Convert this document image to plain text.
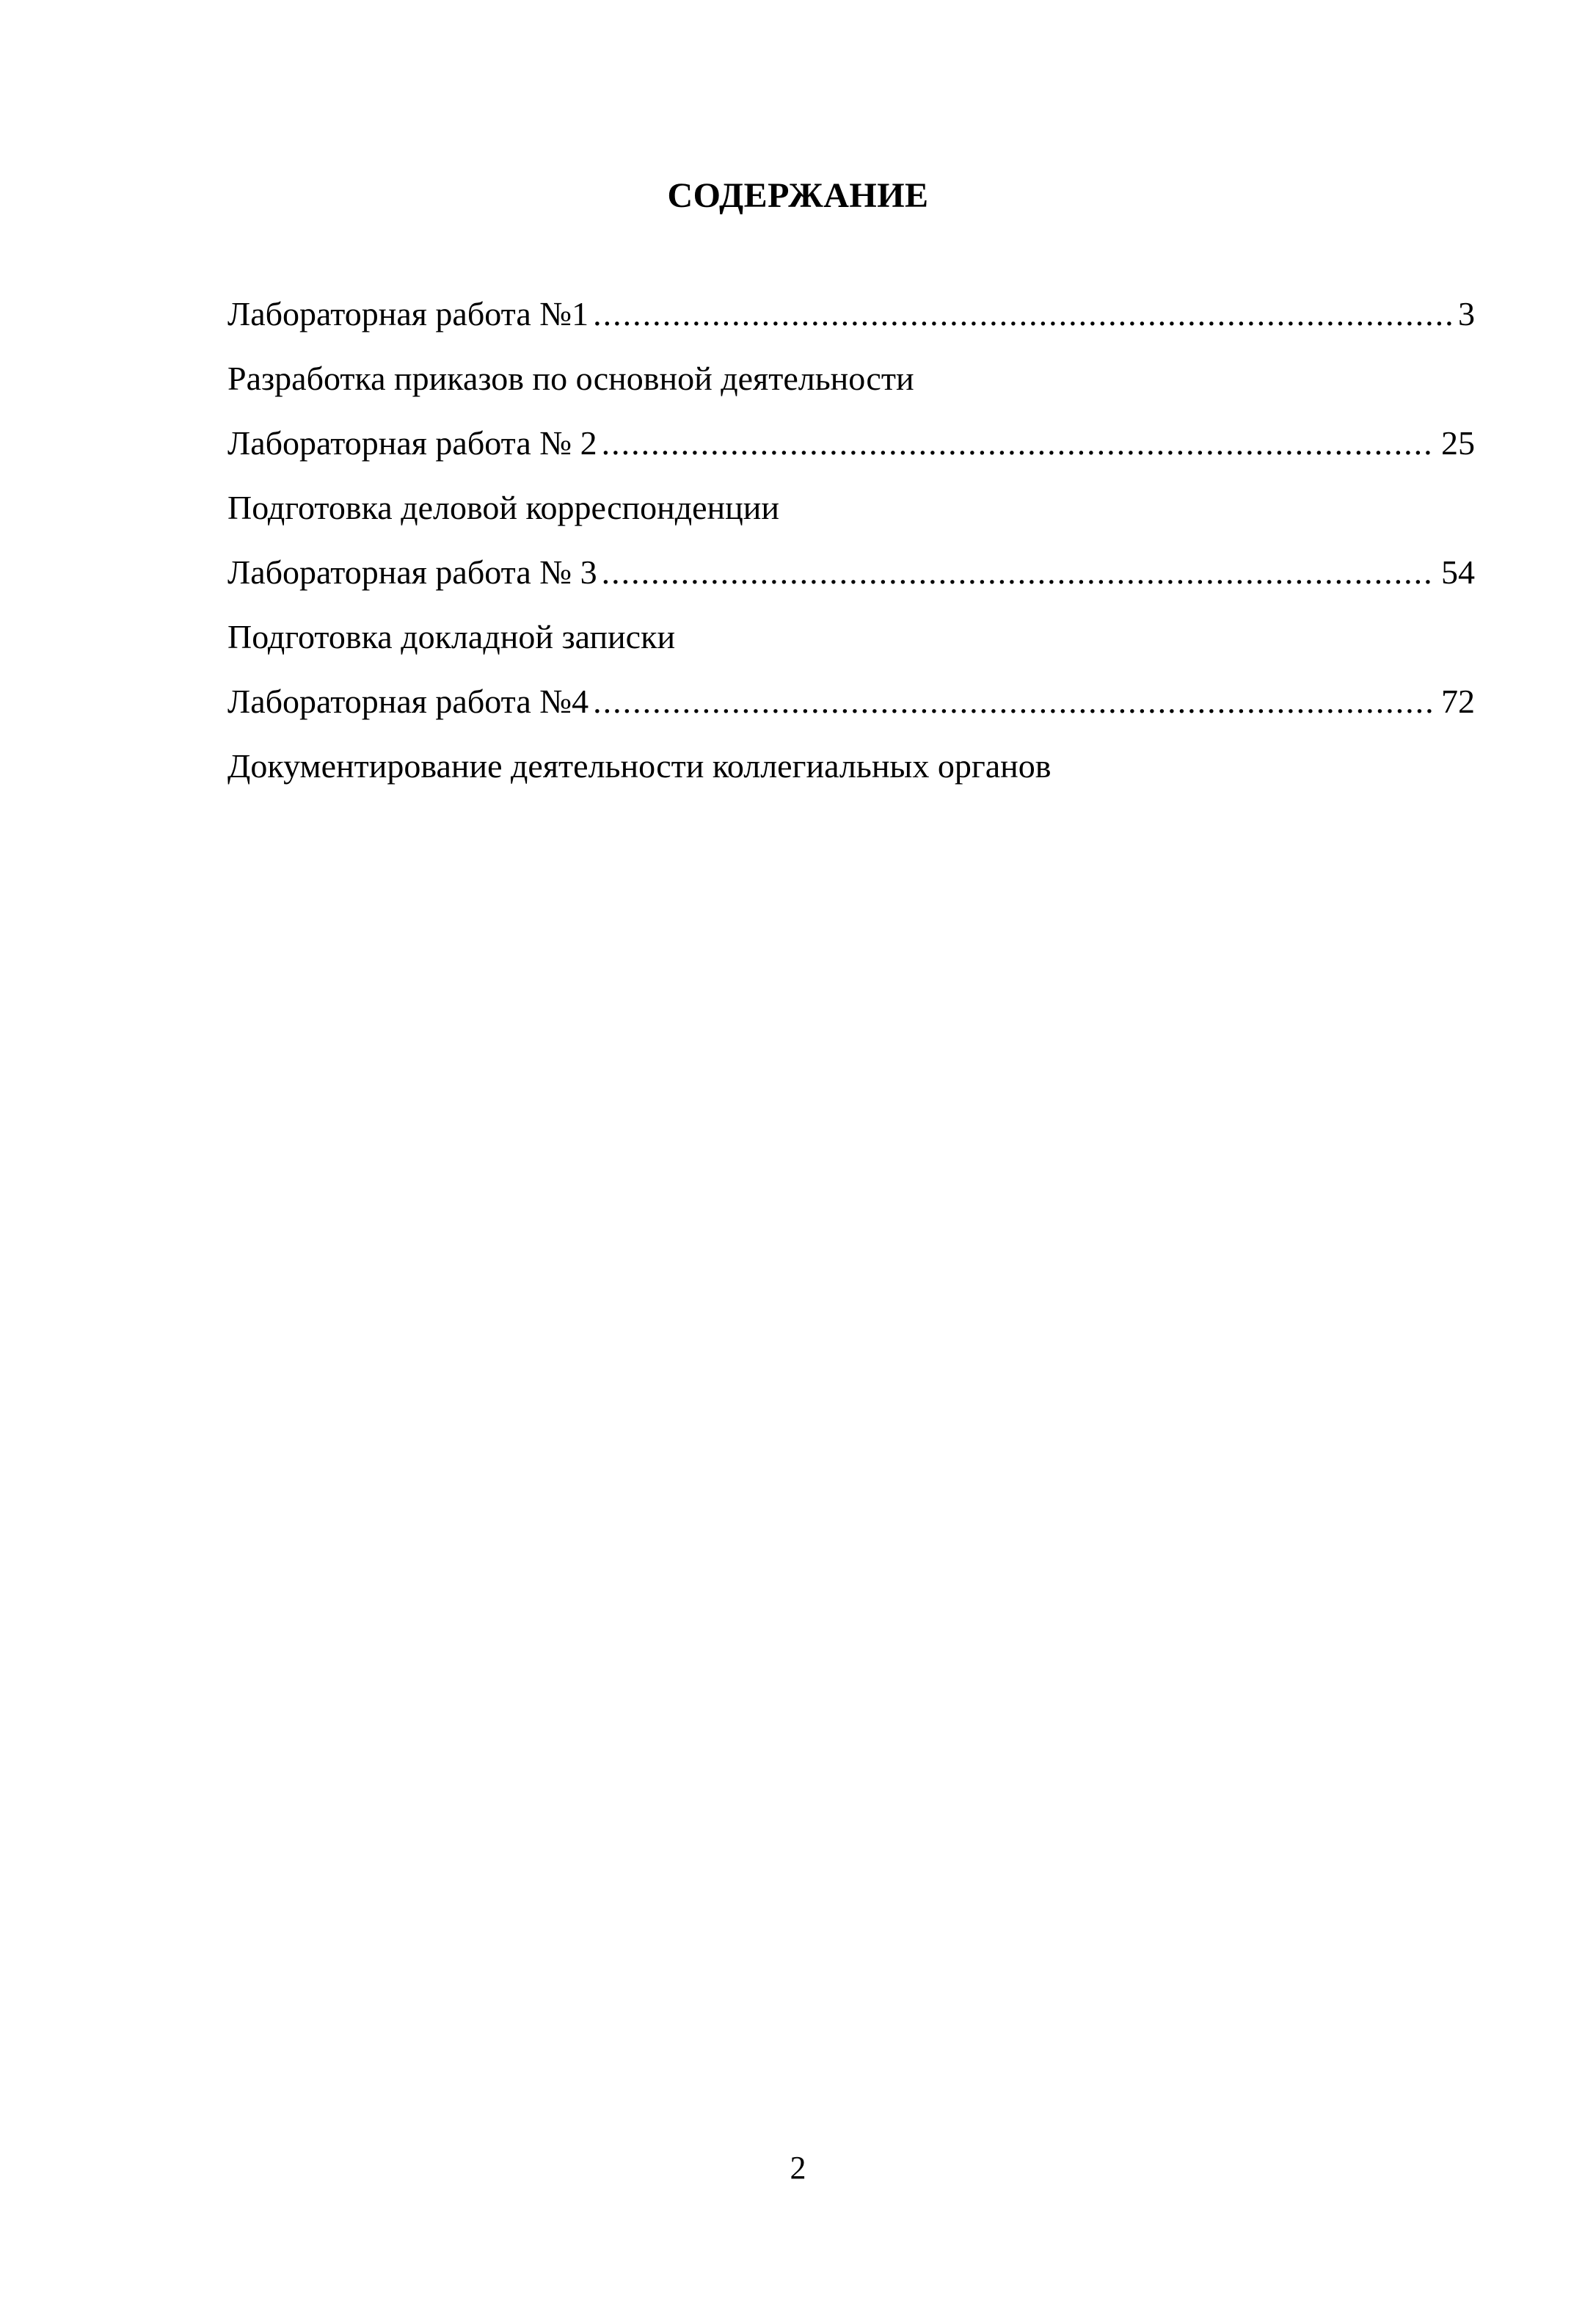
СОДЕРЖАНИЕ
Лабораторная работа №1 .....	3
Разработка приказов по основной деятельности
Лабораторная работа № 2 .....	25
Подготовка деловой корреспонденции
Лабораторная работа № 3 .....	54
Подготовка докладной записки
Лабораторная работа №4 .....	72
Документирование деятельности коллегиальных органов
2
